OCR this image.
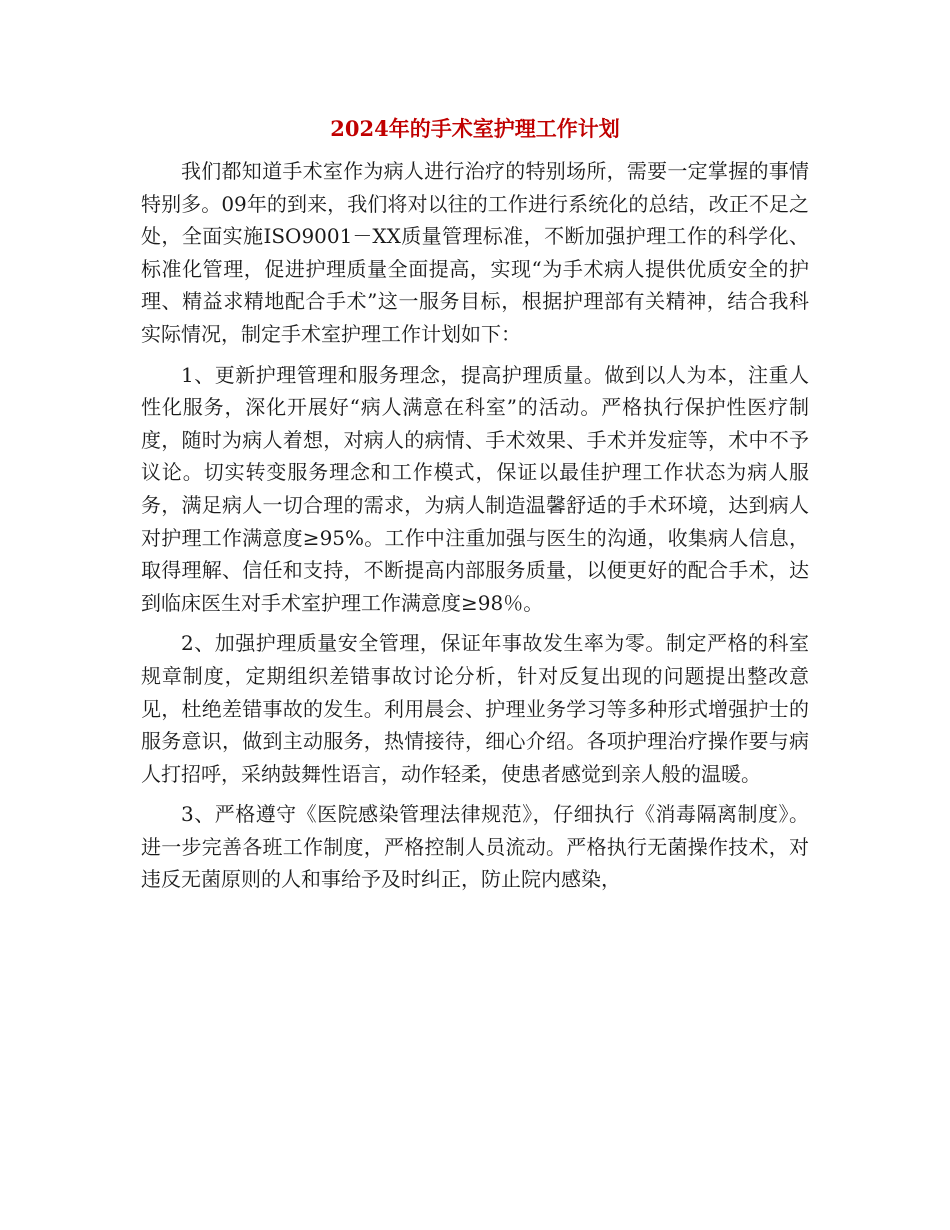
2024年的手术室护理工作计划

我们都知道手术室作为病人进行治疗的特别场所，需要一定掌握的事情特别多。09年的到来，我们将对以往的工作进行系统化的总结，改正不足之处，全面实施ISO9001－XX质量管理标准，不断加强护理工作的科学化、标准化管理，促进护理质量全面提高，实现“为手术病人提供优质安全的护理、精益求精地配合手术”这一服务目标，根据护理部有关精神，结合我科实际情况，制定手术室护理工作计划如下：

1、更新护理管理和服务理念，提高护理质量。做到以人为本，注重人性化服务，深化开展好“病人满意在科室”的活动。严格执行保护性医疗制度，随时为病人着想，对病人的病情、手术效果、手术并发症等，术中不予议论。切实转变服务理念和工作模式，保证以最佳护理工作状态为病人服务，满足病人一切合理的需求，为病人制造温馨舒适的手术环境，达到病人对护理工作满意度≥95%。工作中注重加强与医生的沟通，收集病人信息，取得理解、信任和支持，不断提高内部服务质量，以便更好的配合手术，达到临床医生对手术室护理工作满意度≥98％。

2、加强护理质量安全管理，保证年事故发生率为零。制定严格的科室规章制度，定期组织差错事故讨论分析，针对反复出现的问题提出整改意见，杜绝差错事故的发生。利用晨会、护理业务学习等多种形式增强护士的服务意识，做到主动服务，热情接待，细心介绍。各项护理治疗操作要与病人打招呼，采纳鼓舞性语言，动作轻柔，使患者感觉到亲人般的温暖。

3、严格遵守《医院感染管理法律规范》，仔细执行《消毒隔离制度》。进一步完善各班工作制度，严格控制人员流动。严格执行无菌操作技术，对违反无菌原则的人和事给予及时纠正，防止院内感染，
